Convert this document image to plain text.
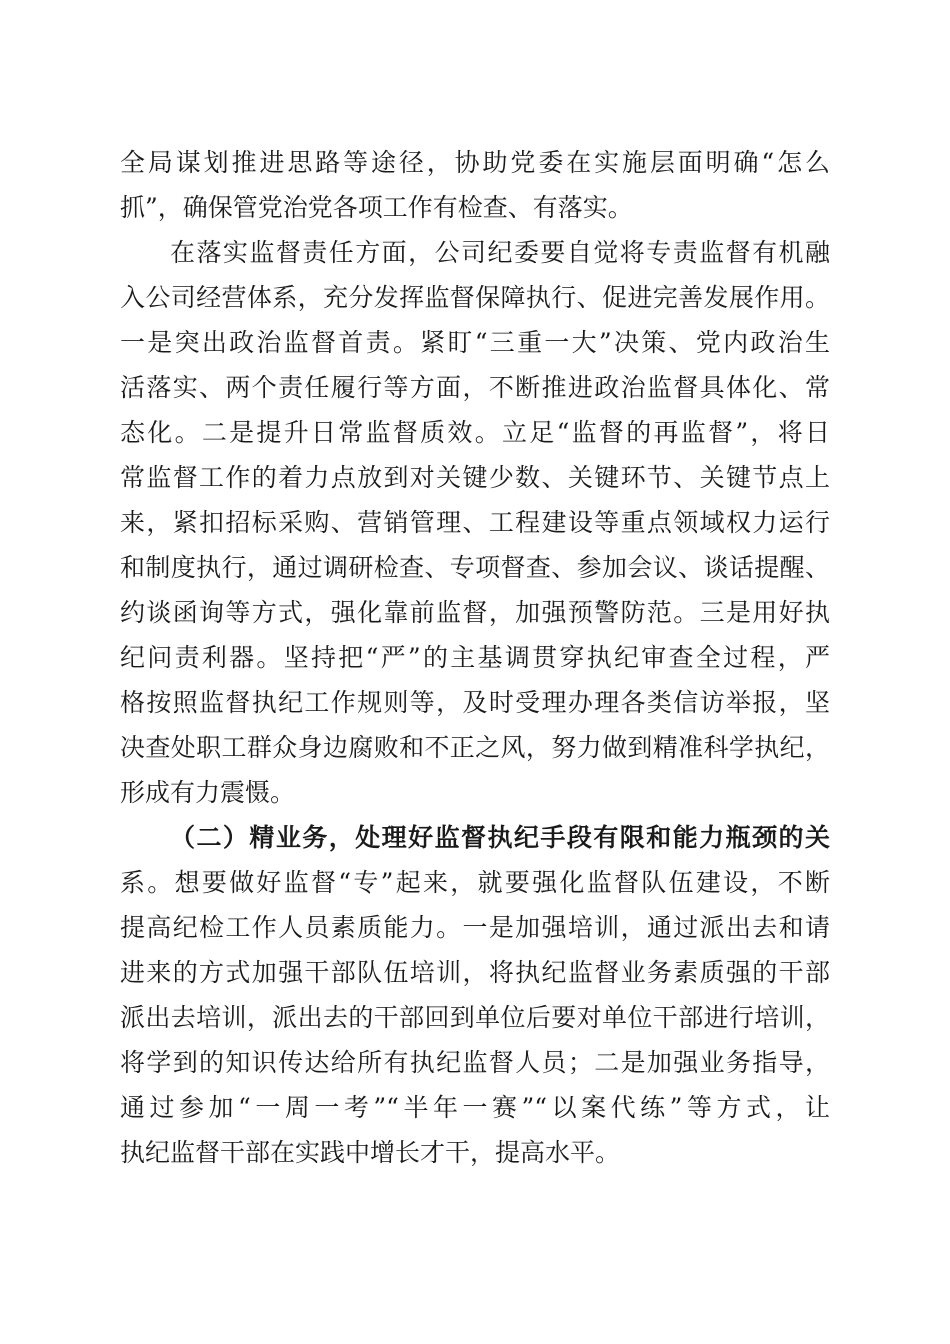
全局谋划推进思路等途径，协助党委在实施层面明确“怎么
抓”，确保管党治党各项工作有检查、有落实。
在落实监督责任方面，公司纪委要自觉将专责监督有机融
入公司经营体系，充分发挥监督保障执行、促进完善发展作用。
一是突出政治监督首责。紧盯“三重一大”决策、党内政治生
活落实、两个责任履行等方面，不断推进政治监督具体化、常
态化。二是提升日常监督质效。立足“监督的再监督”，将日
常监督工作的着力点放到对关键少数、关键环节、关键节点上
来，紧扣招标采购、营销管理、工程建设等重点领域权力运行
和制度执行，通过调研检查、专项督查、参加会议、谈话提醒、
约谈函询等方式，强化靠前监督，加强预警防范。三是用好执
纪问责利器。坚持把“严”的主基调贯穿执纪审查全过程，严
格按照监督执纪工作规则等，及时受理办理各类信访举报，坚
决查处职工群众身边腐败和不正之风，努力做到精准科学执纪，
形成有力震慑。
（二）精业务，处理好监督执纪手段有限和能力瓶颈的关
系。想要做好监督“专”起来，就要强化监督队伍建设，不断
提高纪检工作人员素质能力。一是加强培训，通过派出去和请
进来的方式加强干部队伍培训，将执纪监督业务素质强的干部
派出去培训，派出去的干部回到单位后要对单位干部进行培训，
将学到的知识传达给所有执纪监督人员；二是加强业务指导，
通过参加“一周一考”“半年一赛”“以案代练”等方式，让
执纪监督干部在实践中增长才干，提高水平。
